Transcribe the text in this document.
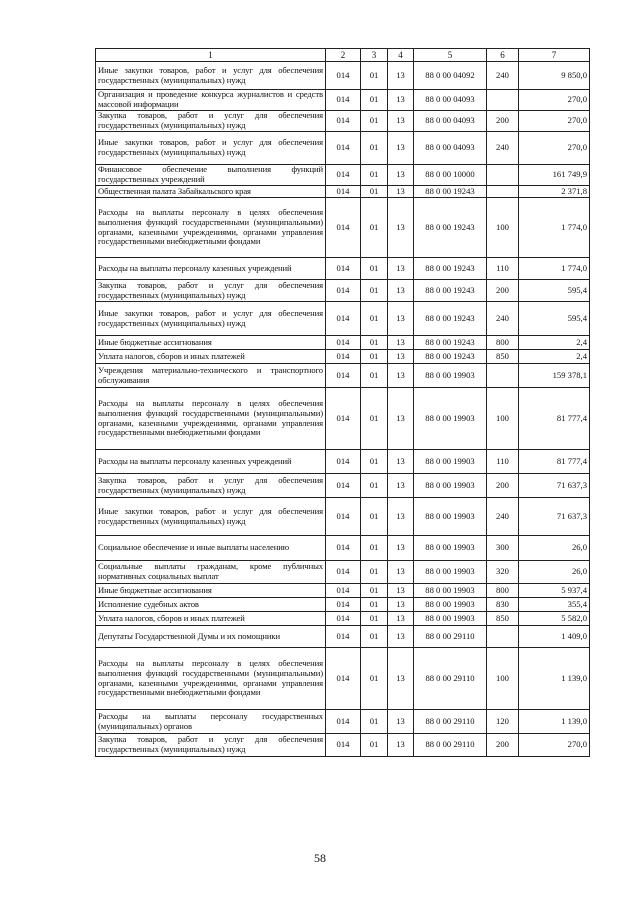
1	2	3	4	5	6	7
Иные закупки товаров, работ и услуг для обеспечения государственных (муниципальных) нужд	014	01	13	88 0 00 04092	240	9 850,0
Организация и проведение конкурса журналистов и средств массовой информации	014	01	13	88 0 00 04093		270,0
Закупка товаров, работ и услуг для обеспечения государственных (муниципальных) нужд	014	01	13	88 0 00 04093	200	270,0
Иные закупки товаров, работ и услуг для обеспечения государственных (муниципальных) нужд	014	01	13	88 0 00 04093	240	270,0
Финансовое обеспечение выполнения функций государственных учреждений	014	01	13	88 0 00 10000		161 749,9
Общественная палата Забайкальского края	014	01	13	88 0 00 19243		2 371,8
Расходы на выплаты персоналу в целях обеспечения выполнения функций государственными (муниципальными) органами, казенными учреждениями, органами управления государственными внебюджетными фондами	014	01	13	88 0 00 19243	100	1 774,0
Расходы на выплаты персоналу казенных учреждений	014	01	13	88 0 00 19243	110	1 774,0
Закупка товаров, работ и услуг для обеспечения государственных (муниципальных) нужд	014	01	13	88 0 00 19243	200	595,4
Иные закупки товаров, работ и услуг для обеспечения государственных (муниципальных) нужд	014	01	13	88 0 00 19243	240	595,4
Иные бюджетные ассигнования	014	01	13	88 0 00 19243	800	2,4
Уплата налогов, сборов и иных платежей	014	01	13	88 0 00 19243	850	2,4
Учреждения материально-технического и транспортного обслуживания	014	01	13	88 0 00 19903		159 378,1
Расходы на выплаты персоналу в целях обеспечения выполнения функций государственными (муниципальными) органами, казенными учреждениями, органами управления государственными внебюджетными фондами	014	01	13	88 0 00 19903	100	81 777,4
Расходы на выплаты персоналу казенных учреждений	014	01	13	88 0 00 19903	110	81 777,4
Закупка товаров, работ и услуг для обеспечения государственных (муниципальных) нужд	014	01	13	88 0 00 19903	200	71 637,3
Иные закупки товаров, работ и услуг для обеспечения государственных (муниципальных) нужд	014	01	13	88 0 00 19903	240	71 637,3
Социальное обеспечение и иные выплаты населению	014	01	13	88 0 00 19903	300	26,0
Социальные выплаты гражданам, кроме публичных нормативных социальных выплат	014	01	13	88 0 00 19903	320	26,0
Иные бюджетные ассигнования	014	01	13	88 0 00 19903	800	5 937,4
Исполнение судебных актов	014	01	13	88 0 00 19903	830	355,4
Уплата налогов, сборов и иных платежей	014	01	13	88 0 00 19903	850	5 582,0
Депутаты Государственной Думы и их помощники	014	01	13	88 0 00 29110		1 409,0
Расходы на выплаты персоналу в целях обеспечения выполнения функций государственными (муниципальными) органами, казенными учреждениями, органами управления государственными внебюджетными фондами	014	01	13	88 0 00 29110	100	1 139,0
Расходы на выплаты персоналу государственных (муниципальных) органов	014	01	13	88 0 00 29110	120	1 139,0
Закупка товаров, работ и услуг для обеспечения государственных (муниципальных) нужд	014	01	13	88 0 00 29110	200	270,0
58
